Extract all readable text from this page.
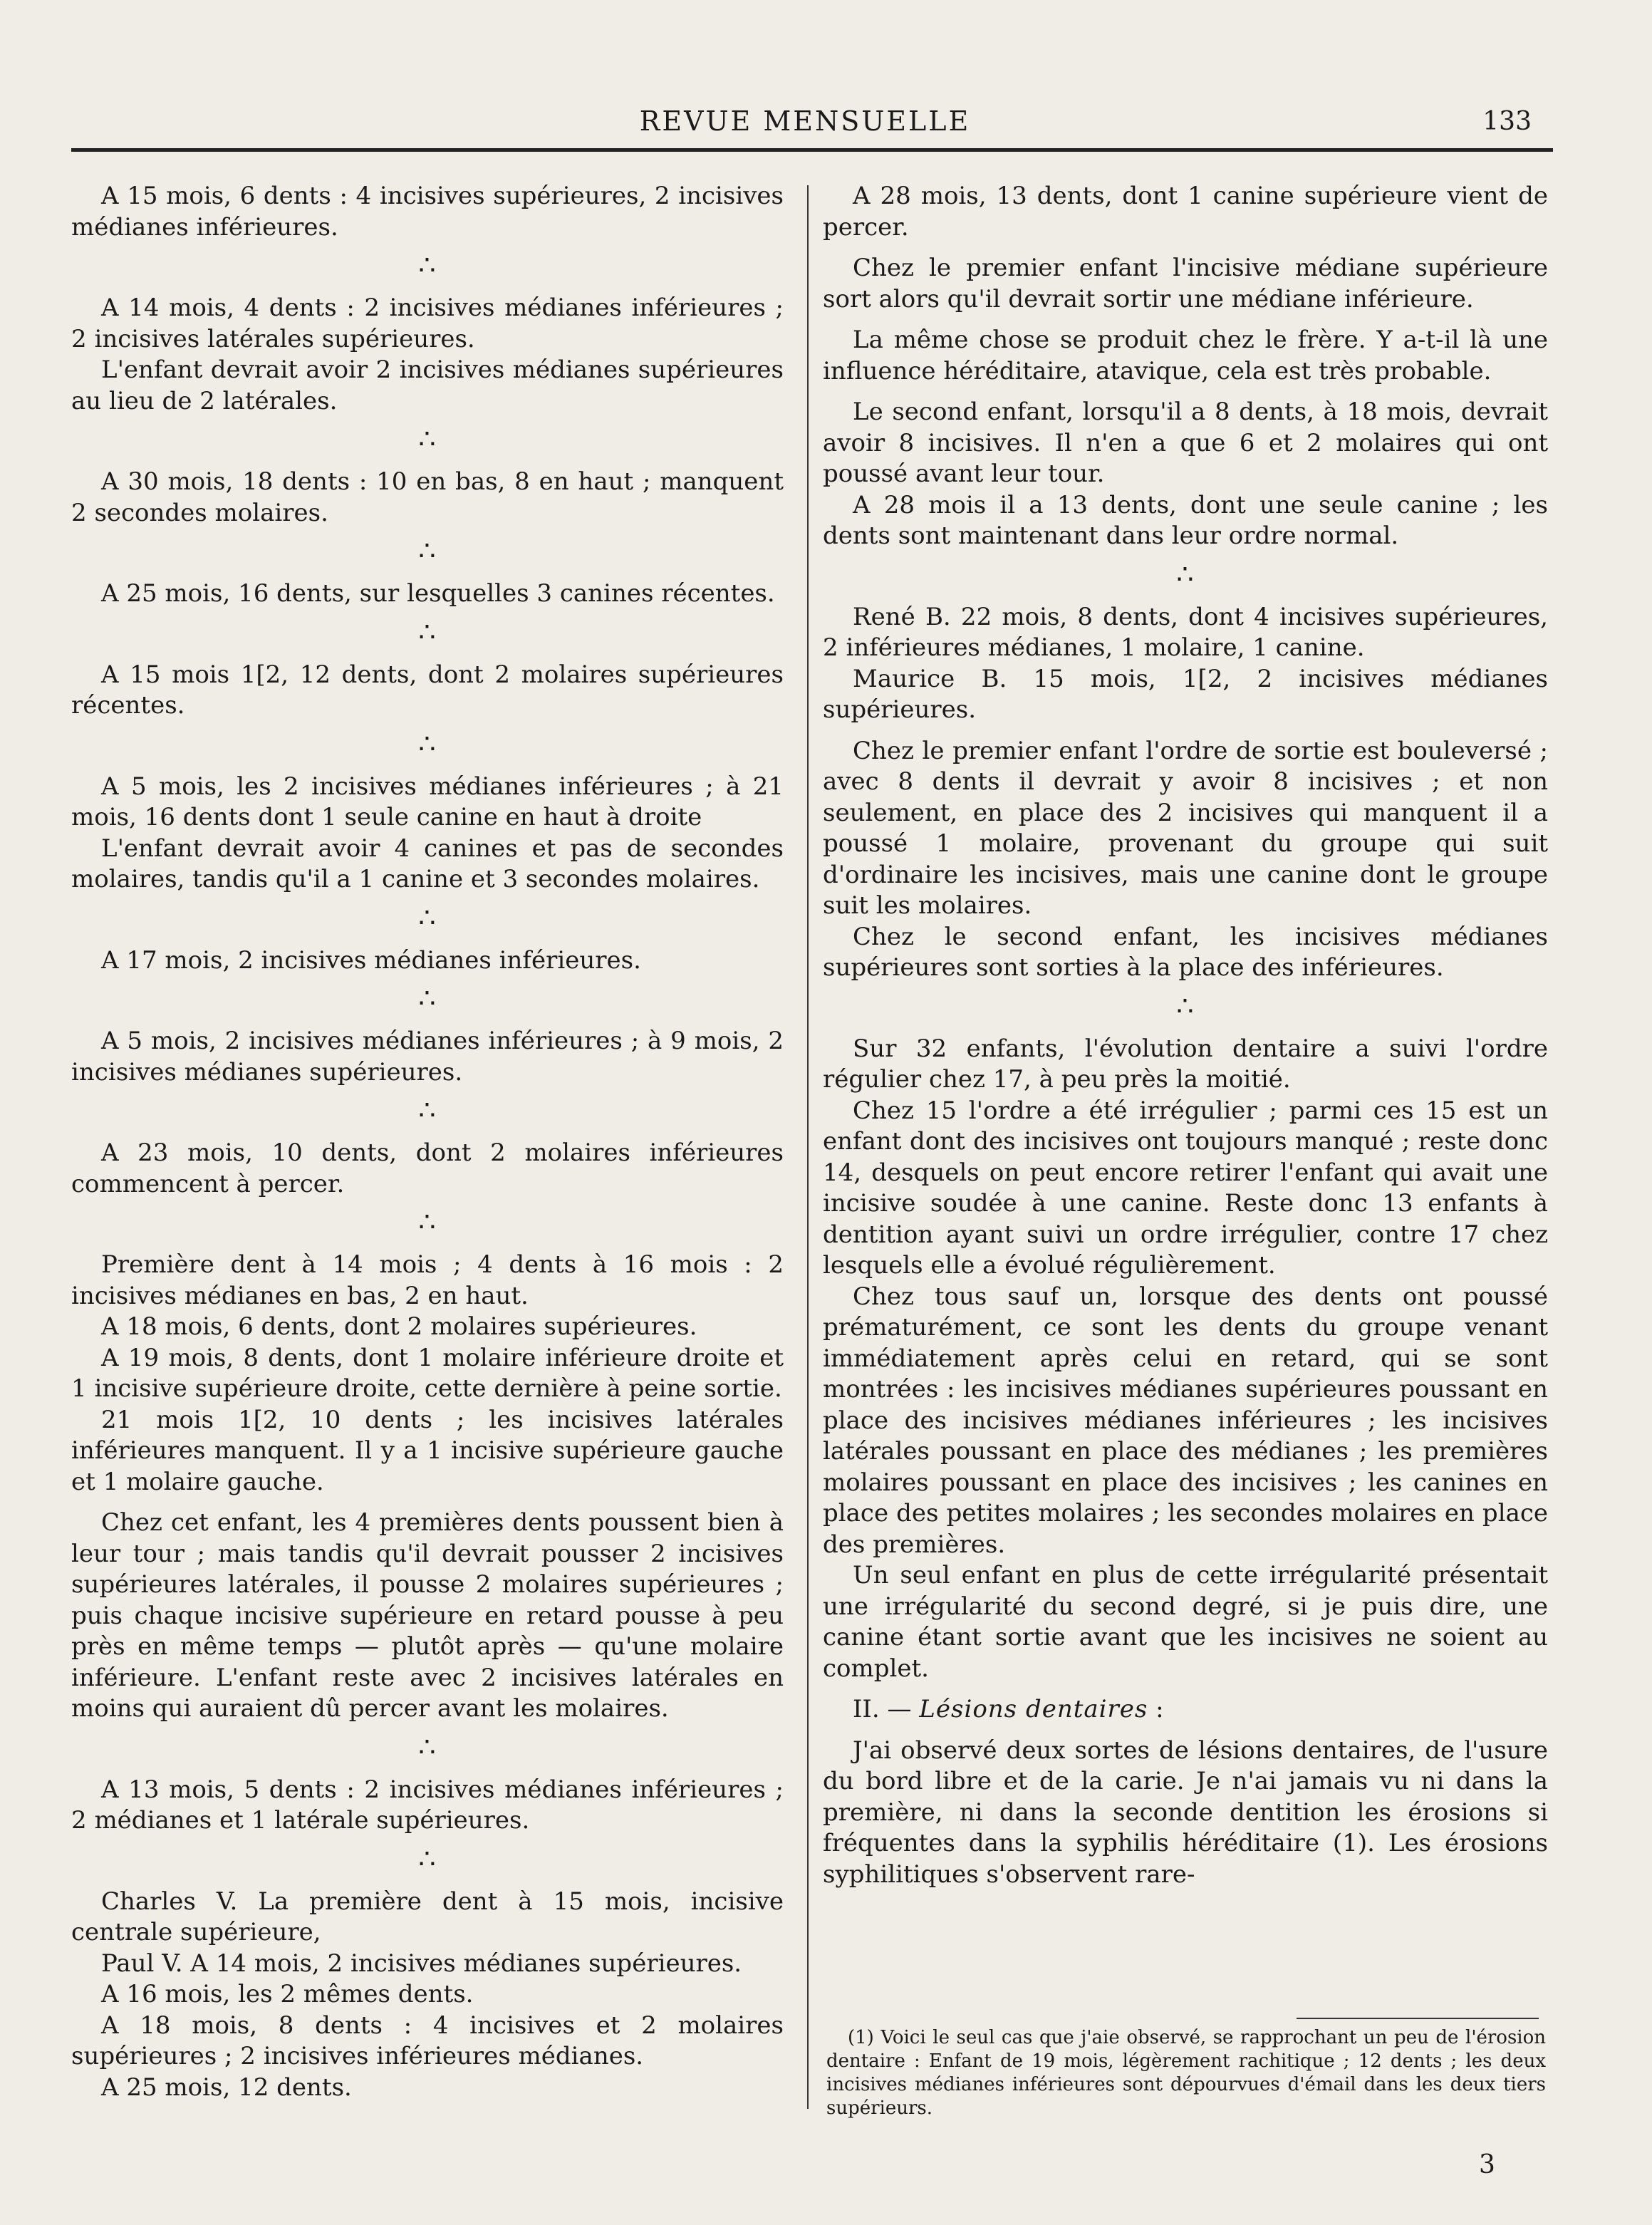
REVUE MENSUELLE	133

A 15 mois, 6 dents : 4 incisives supérieures, 2 incisives médianes inférieures.

∴

A 14 mois, 4 dents : 2 incisives médianes inférieures ; 2 incisives latérales supérieures.

L'enfant devrait avoir 2 incisives médianes supérieures au lieu de 2 latérales.

∴

A 30 mois, 18 dents : 10 en bas, 8 en haut ; manquent 2 secondes molaires.

∴

A 25 mois, 16 dents, sur lesquelles 3 canines récentes.

∴

A 15 mois 1[2, 12 dents, dont 2 molaires supérieures récentes.

∴

A 5 mois, les 2 incisives médianes inférieures ; à 21 mois, 16 dents dont 1 seule canine en haut à droite

L'enfant devrait avoir 4 canines et pas de secondes molaires, tandis qu'il a 1 canine et 3 secondes molaires.

∴

A 17 mois, 2 incisives médianes inférieures.

∴

A 5 mois, 2 incisives médianes inférieures ; à 9 mois, 2 incisives médianes supérieures.

∴

A 23 mois, 10 dents, dont 2 molaires inférieures commencent à percer.

∴

Première dent à 14 mois ; 4 dents à 16 mois : 2 incisives médianes en bas, 2 en haut.

A 18 mois, 6 dents, dont 2 molaires supérieures.

A 19 mois, 8 dents, dont 1 molaire inférieure droite et 1 incisive supérieure droite, cette dernière à peine sortie.

21 mois 1[2, 10 dents ; les incisives latérales inférieures manquent. Il y a 1 incisive supérieure gauche et 1 molaire gauche.

Chez cet enfant, les 4 premières dents poussent bien à leur tour ; mais tandis qu'il devrait pousser 2 incisives supérieures latérales, il pousse 2 molaires supérieures ; puis chaque incisive supérieure en retard pousse à peu près en même temps — plutôt après — qu'une molaire inférieure. L'enfant reste avec 2 incisives latérales en moins qui auraient dû percer avant les molaires.

∴

A 13 mois, 5 dents : 2 incisives médianes inférieures ; 2 médianes et 1 latérale supérieures.

∴

Charles V. La première dent à 15 mois, incisive centrale supérieure,

Paul V. A 14 mois, 2 incisives médianes supérieures.

A 16 mois, les 2 mêmes dents.

A 18 mois, 8 dents : 4 incisives et 2 molaires supérieures ; 2 incisives inférieures médianes.

A 25 mois, 12 dents.

A 28 mois, 13 dents, dont 1 canine supérieure vient de percer.

Chez le premier enfant l'incisive médiane supérieure sort alors qu'il devrait sortir une médiane inférieure.

La même chose se produit chez le frère. Y a-t-il là une influence héréditaire, atavique, cela est très probable.

Le second enfant, lorsqu'il a 8 dents, à 18 mois, devrait avoir 8 incisives. Il n'en a que 6 et 2 molaires qui ont poussé avant leur tour.

A 28 mois il a 13 dents, dont une seule canine ; les dents sont maintenant dans leur ordre normal.

∴

René B. 22 mois, 8 dents, dont 4 incisives supérieures, 2 inférieures médianes, 1 molaire, 1 canine.

Maurice B. 15 mois, 1[2, 2 incisives médianes supérieures.

Chez le premier enfant l'ordre de sortie est bouleversé ; avec 8 dents il devrait y avoir 8 incisives ; et non seulement, en place des 2 incisives qui manquent il a poussé 1 molaire, provenant du groupe qui suit d'ordinaire les incisives, mais une canine dont le groupe suit les molaires.

Chez le second enfant, les incisives médianes supérieures sont sorties à la place des inférieures.

∴

Sur 32 enfants, l'évolution dentaire a suivi l'ordre régulier chez 17, à peu près la moitié.

Chez 15 l'ordre a été irrégulier ; parmi ces 15 est un enfant dont des incisives ont toujours manqué ; reste donc 14, desquels on peut encore retirer l'enfant qui avait une incisive soudée à une canine. Reste donc 13 enfants à dentition ayant suivi un ordre irrégulier, contre 17 chez lesquels elle a évolué régulièrement.

Chez tous sauf un, lorsque des dents ont poussé prématurément, ce sont les dents du groupe venant immédiatement après celui en retard, qui se sont montrées : les incisives médianes supérieures poussant en place des incisives médianes inférieures ; les incisives latérales poussant en place des médianes ; les premières molaires poussant en place des incisives ; les canines en place des petites molaires ; les secondes molaires en place des premières.

Un seul enfant en plus de cette irrégularité présentait une irrégularité du second degré, si je puis dire, une canine étant sortie avant que les incisives ne soient au complet.

II. — Lésions dentaires :

J'ai observé deux sortes de lésions dentaires, de l'usure du bord libre et de la carie. Je n'ai jamais vu ni dans la première, ni dans la seconde dentition les érosions si fréquentes dans la syphilis héréditaire (1). Les érosions syphilitiques s'observent rare-

(1) Voici le seul cas que j'aie observé, se rapprochant un peu de l'érosion dentaire : Enfant de 19 mois, légèrement rachitique ; 12 dents ; les deux incisives médianes inférieures sont dépourvues d'émail dans les deux tiers supérieurs.

3
